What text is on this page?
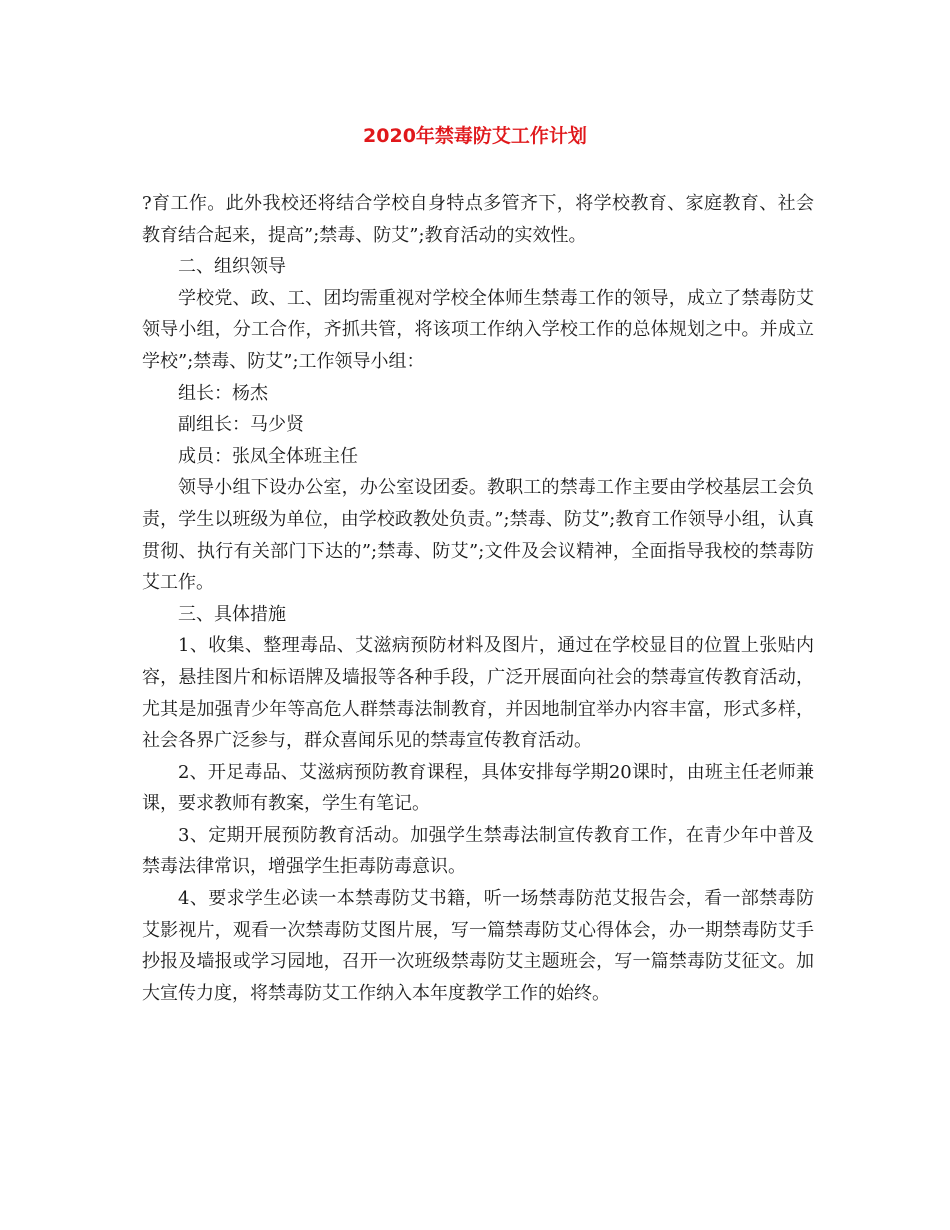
2020年禁毒防艾工作计划

?育工作。此外我校还将结合学校自身特点多管齐下，将学校教育、家庭教育、社会教育结合起来，提高”;禁毒、防艾”;教育活动的实效性。

二、组织领导

学校党、政、工、团均需重视对学校全体师生禁毒工作的领导，成立了禁毒防艾领导小组，分工合作，齐抓共管，将该项工作纳入学校工作的总体规划之中。并成立学校”;禁毒、防艾”;工作领导小组：

组长：杨杰

副组长：马少贤

成员：张凤全体班主任

领导小组下设办公室，办公室设团委。教职工的禁毒工作主要由学校基层工会负责，学生以班级为单位，由学校政教处负责。”;禁毒、防艾”;教育工作领导小组，认真贯彻、执行有关部门下达的”;禁毒、防艾”;文件及会议精神，全面指导我校的禁毒防艾工作。

三、具体措施

1、收集、整理毒品、艾滋病预防材料及图片，通过在学校显目的位置上张贴内容，悬挂图片和标语牌及墙报等各种手段，广泛开展面向社会的禁毒宣传教育活动，尤其是加强青少年等高危人群禁毒法制教育，并因地制宜举办内容丰富，形式多样，社会各界广泛参与，群众喜闻乐见的禁毒宣传教育活动。

2、开足毒品、艾滋病预防教育课程，具体安排每学期20课时，由班主任老师兼课，要求教师有教案，学生有笔记。

3、定期开展预防教育活动。加强学生禁毒法制宣传教育工作，在青少年中普及禁毒法律常识，增强学生拒毒防毒意识。

4、要求学生必读一本禁毒防艾书籍，听一场禁毒防范艾报告会，看一部禁毒防艾影视片，观看一次禁毒防艾图片展，写一篇禁毒防艾心得体会，办一期禁毒防艾手抄报及墙报或学习园地，召开一次班级禁毒防艾主题班会，写一篇禁毒防艾征文。加大宣传力度，将禁毒防艾工作纳入本年度教学工作的始终。
